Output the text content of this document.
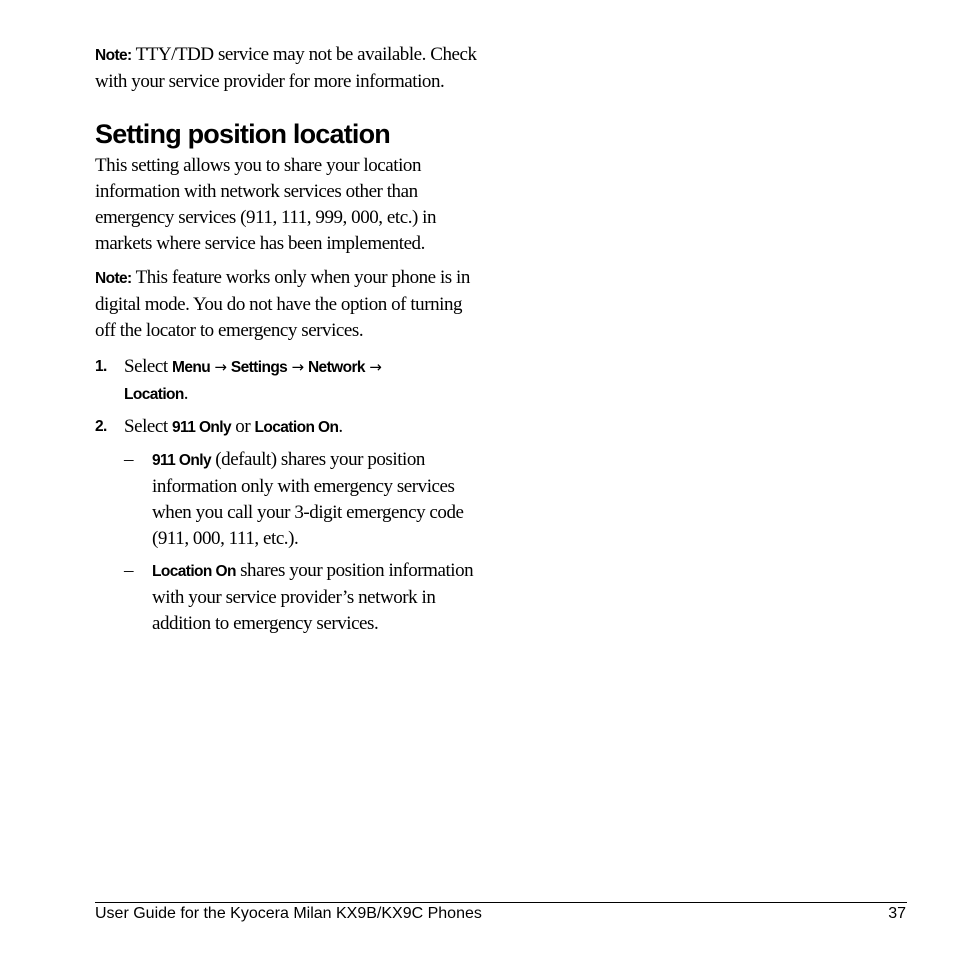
Note: TTY/TDD service may not be available. Check with your service provider for more information.

Setting position location

This setting allows you to share your location information with network services other than emergency services (911, 111, 999, 000, etc.) in markets where service has been implemented.

Note: This feature works only when your phone is in digital mode. You do not have the option of turning off the locator to emergency services.

1. Select Menu → Settings → Network →
Location.
2. Select 911 Only or Location On.
– 911 Only (default) shares your position information only with emergency services when you call your 3-digit emergency code (911, 000, 111, etc.).
– Location On shares your position information with your service provider’s network in addition to emergency services.
User Guide for the Kyocera Milan KX9B/KX9C Phones	37
